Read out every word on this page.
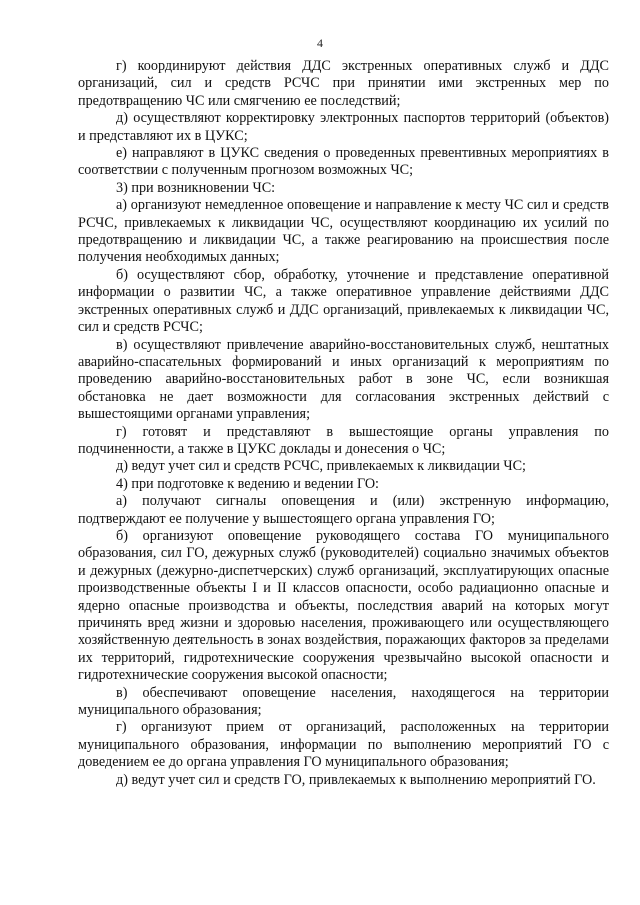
4

г) координируют действия ДДС экстренных оперативных служб и ДДС организаций, сил и средств РСЧС при принятии ими экстренных мер по предотвращению ЧС или смягчению ее последствий;

д) осуществляют корректировку электронных паспортов территорий (объектов) и представляют их в ЦУКС;

е) направляют в ЦУКС сведения о проведенных превентивных мероприятиях в соответствии с полученным прогнозом возможных ЧС;

3) при возникновении ЧС:

а) организуют немедленное оповещение и направление к месту ЧС сил и средств РСЧС, привлекаемых к ликвидации ЧС, осуществляют координацию их усилий по предотвращению и ликвидации ЧС, а также реагированию на происшествия после получения необходимых данных;

б) осуществляют сбор, обработку, уточнение и представление оперативной информации о развитии ЧС, а также оперативное управление действиями ДДС экстренных оперативных служб и ДДС организаций, привлекаемых к ликвидации ЧС, сил и средств РСЧС;

в) осуществляют привлечение аварийно-восстановительных служб, нештатных аварийно-спасательных формирований и иных организаций к мероприятиям по проведению аварийно-восстановительных работ в зоне ЧС, если возникшая обстановка не дает возможности для согласования экстренных действий с вышестоящими органами управления;

г) готовят и представляют в вышестоящие органы управления по подчиненности, а также в ЦУКС доклады и донесения о ЧС;

д) ведут учет сил и средств РСЧС, привлекаемых к ликвидации ЧС;

4) при подготовке к ведению и ведении ГО:

а) получают сигналы оповещения и (или) экстренную информацию, подтверждают ее получение у вышестоящего органа управления ГО;

б) организуют оповещение руководящего состава ГО муниципального образования, сил ГО, дежурных служб (руководителей) социально значимых объектов и дежурных (дежурно-диспетчерских) служб организаций, эксплуатирующих опасные производственные объекты I и II классов опасности, особо радиационно опасные и ядерно опасные производства и объекты, последствия аварий на которых могут причинять вред жизни и здоровью населения, проживающего или осуществляющего хозяйственную деятельность в зонах воздействия, поражающих факторов за пределами их территорий, гидротехнические сооружения чрезвычайно высокой опасности и гидротехнические сооружения высокой опасности;

в) обеспечивают оповещение населения, находящегося на территории муниципального образования;

г) организуют прием от организаций, расположенных на территории муниципального образования, информации по выполнению мероприятий ГО с доведением ее до органа управления ГО муниципального образования;

д) ведут учет сил и средств ГО, привлекаемых к выполнению мероприятий ГО.
